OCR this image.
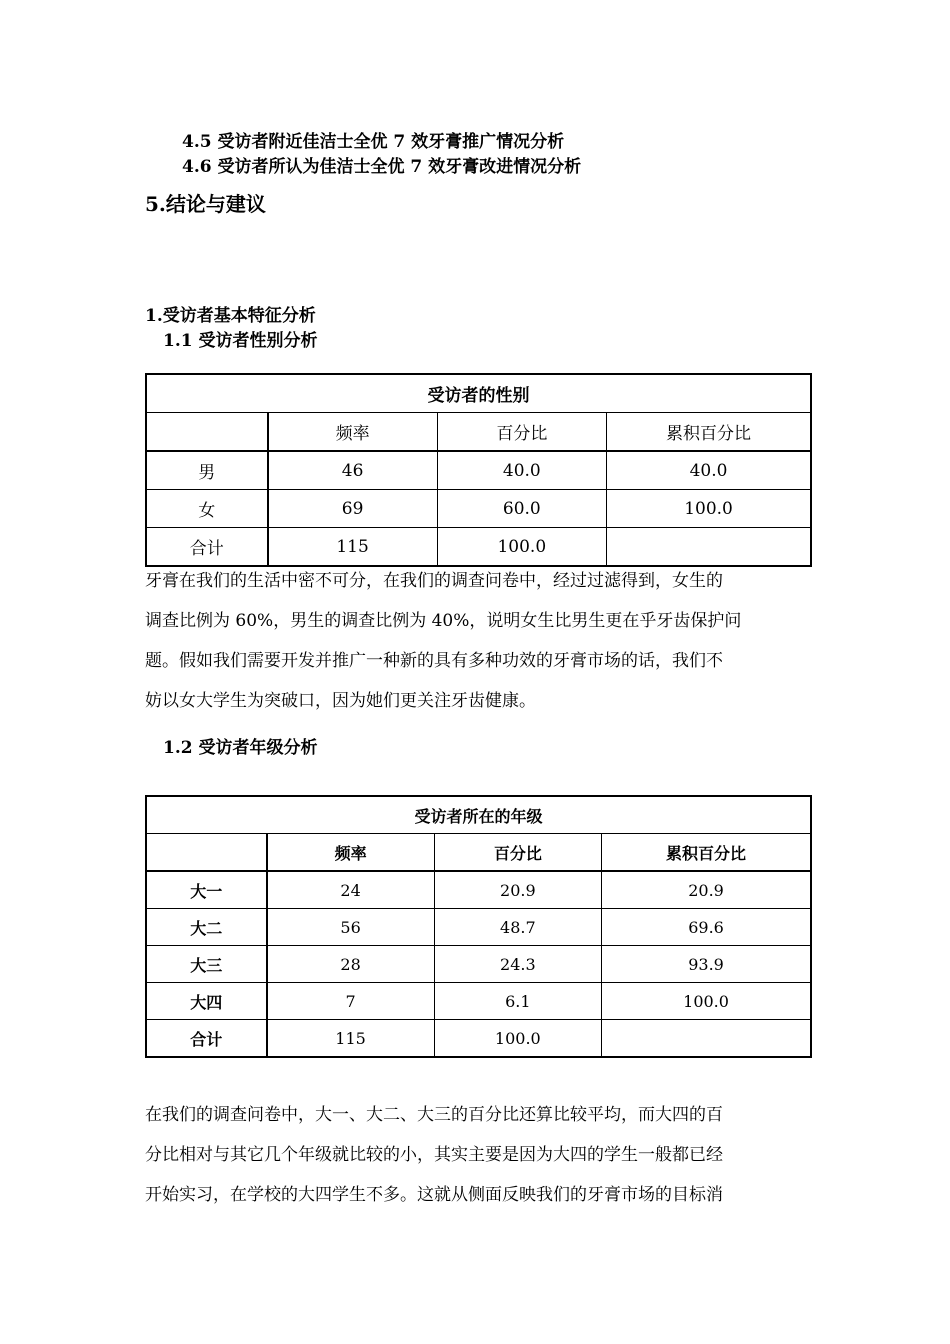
4.5 受访者附近佳洁士全优 7 效牙膏推广情况分析
4.6 受访者所认为佳洁士全优 7 效牙膏改进情况分析
5.结论与建议
1.受访者基本特征分析
1.1 受访者性别分析
受访者的性别			
	频率	百分比	累积百分比
男	46	40.0	40.0
女	69	60.0	100.0
合计	115	100.0	
牙膏在我们的生活中密不可分，在我们的调查问卷中，经过过滤得到，女生的
调查比例为 60%，男生的调查比例为 40%，说明女生比男生更在乎牙齿保护问
题。假如我们需要开发并推广一种新的具有多种功效的牙膏市场的话，我们不
妨以女大学生为突破口，因为她们更关注牙齿健康。
1.2 受访者年级分析
受访者所在的年级			
	频率	百分比	累积百分比
大一	24	20.9	20.9
大二	56	48.7	69.6
大三	28	24.3	93.9
大四	7	6.1	100.0
合计	115	100.0	
在我们的调查问卷中，大一、大二、大三的百分比还算比较平均，而大四的百
分比相对与其它几个年级就比较的小，其实主要是因为大四的学生一般都已经
开始实习，在学校的大四学生不多。这就从侧面反映我们的牙膏市场的目标消
